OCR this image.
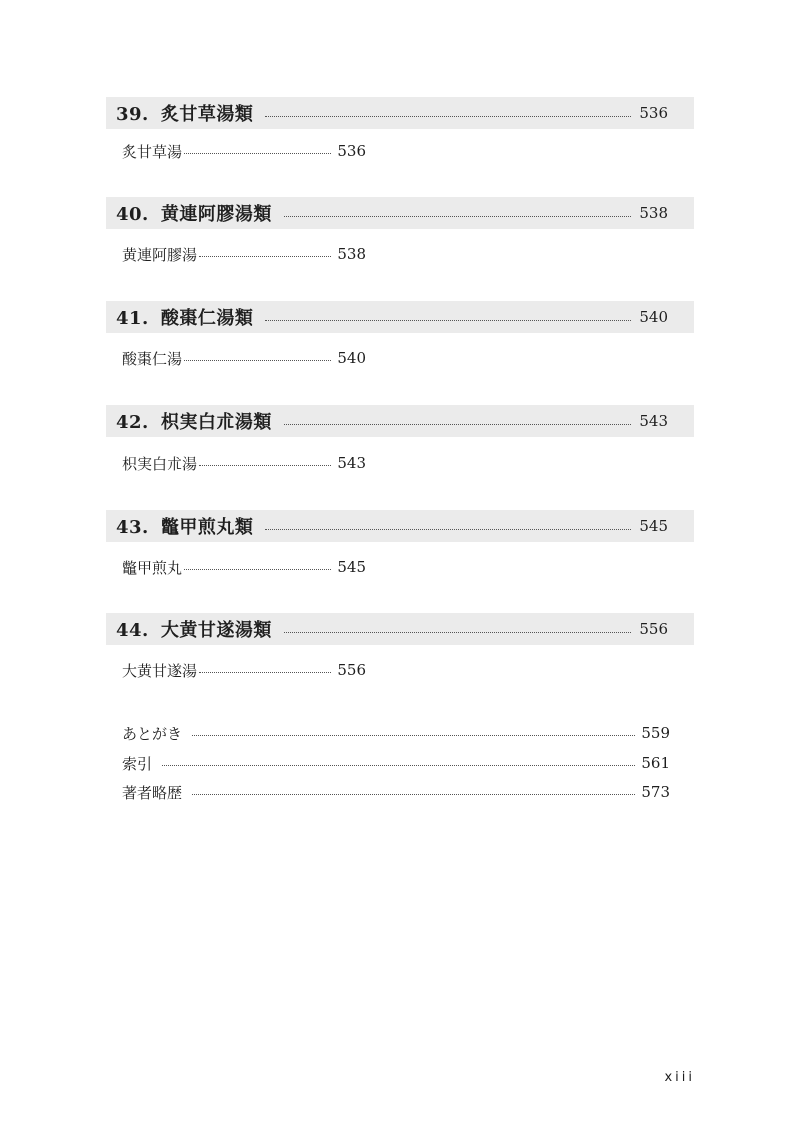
39. 炙甘草湯類	536
炙甘草湯	536
40. 黄連阿膠湯類	538
黄連阿膠湯	538
41. 酸棗仁湯類	540
酸棗仁湯	540
42. 枳実白朮湯類	543
枳実白朮湯	543
43. 鼈甲煎丸類	545
鼈甲煎丸	545
44. 大黄甘遂湯類	556
大黄甘遂湯	556
あとがき	559
索引	561
著者略歴	573
xiii
